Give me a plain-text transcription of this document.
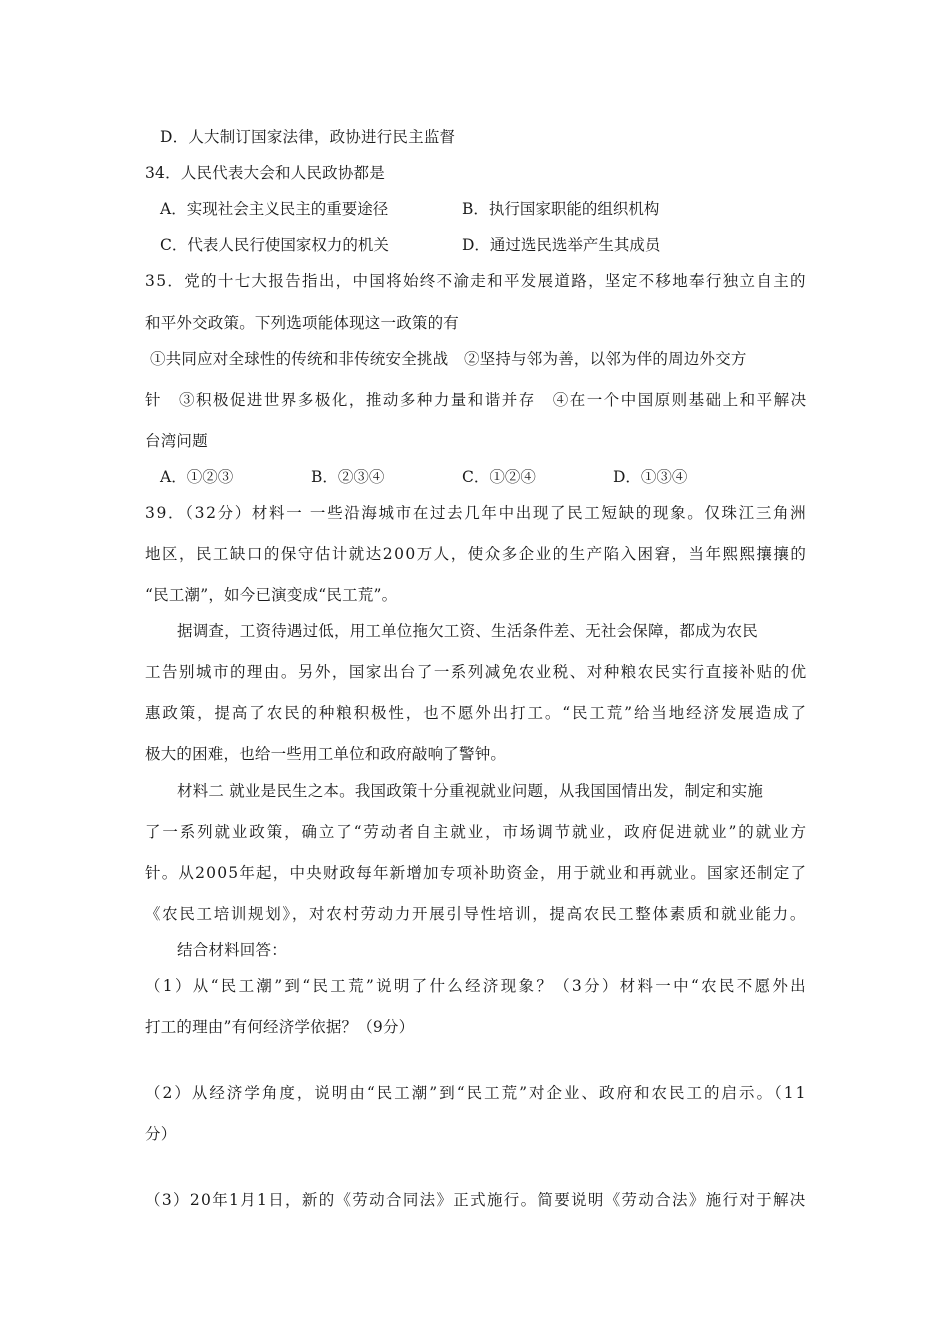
D．人大制订国家法律，政协进行民主监督
34．人民代表大会和人民政协都是
A．实现社会主义民主的重要途径	B．执行国家职能的组织机构
C．代表人民行使国家权力的机关	D．通过选民选举产生其成员
35．党的十七大报告指出，中国将始终不渝走和平发展道路，坚定不移地奉行独立自主的
和平外交政策。下列选项能体现这一政策的有
①共同应对全球性的传统和非传统安全挑战　②坚持与邻为善，以邻为伴的周边外交方
针　③积极促进世界多极化，推动多种力量和谐并存　④在一个中国原则基础上和平解决
台湾问题
A．①②③	B．②③④	C．①②④	D．①③④
39．（32分）材料一 一些沿海城市在过去几年中出现了民工短缺的现象。仅珠江三角洲
地区，民工缺口的保守估计就达200万人，使众多企业的生产陷入困窘，当年熙熙攘攘的
“民工潮”，如今已演变成“民工荒”。
据调查，工资待遇过低，用工单位拖欠工资、生活条件差、无社会保障，都成为农民
工告别城市的理由。另外，国家出台了一系列减免农业税、对种粮农民实行直接补贴的优
惠政策，提高了农民的种粮积极性，也不愿外出打工。“民工荒”给当地经济发展造成了
极大的困难，也给一些用工单位和政府敲响了警钟。
材料二 就业是民生之本。我国政策十分重视就业问题，从我国国情出发，制定和实施
了一系列就业政策，确立了“劳动者自主就业，市场调节就业，政府促进就业”的就业方
针。从2005年起，中央财政每年新增加专项补助资金，用于就业和再就业。国家还制定了
《农民工培训规划》，对农村劳动力开展引导性培训，提高农民工整体素质和就业能力。
结合材料回答：
（1）从“民工潮”到“民工荒”说明了什么经济现象？（3分）材料一中“农民不愿外出
打工的理由”有何经济学依据？（9分）
（2）从经济学角度，说明由“民工潮”到“民工荒”对企业、政府和农民工的启示。（11
分）
（3）20年1月1日，新的《劳动合同法》正式施行。简要说明《劳动合法》施行对于解决
